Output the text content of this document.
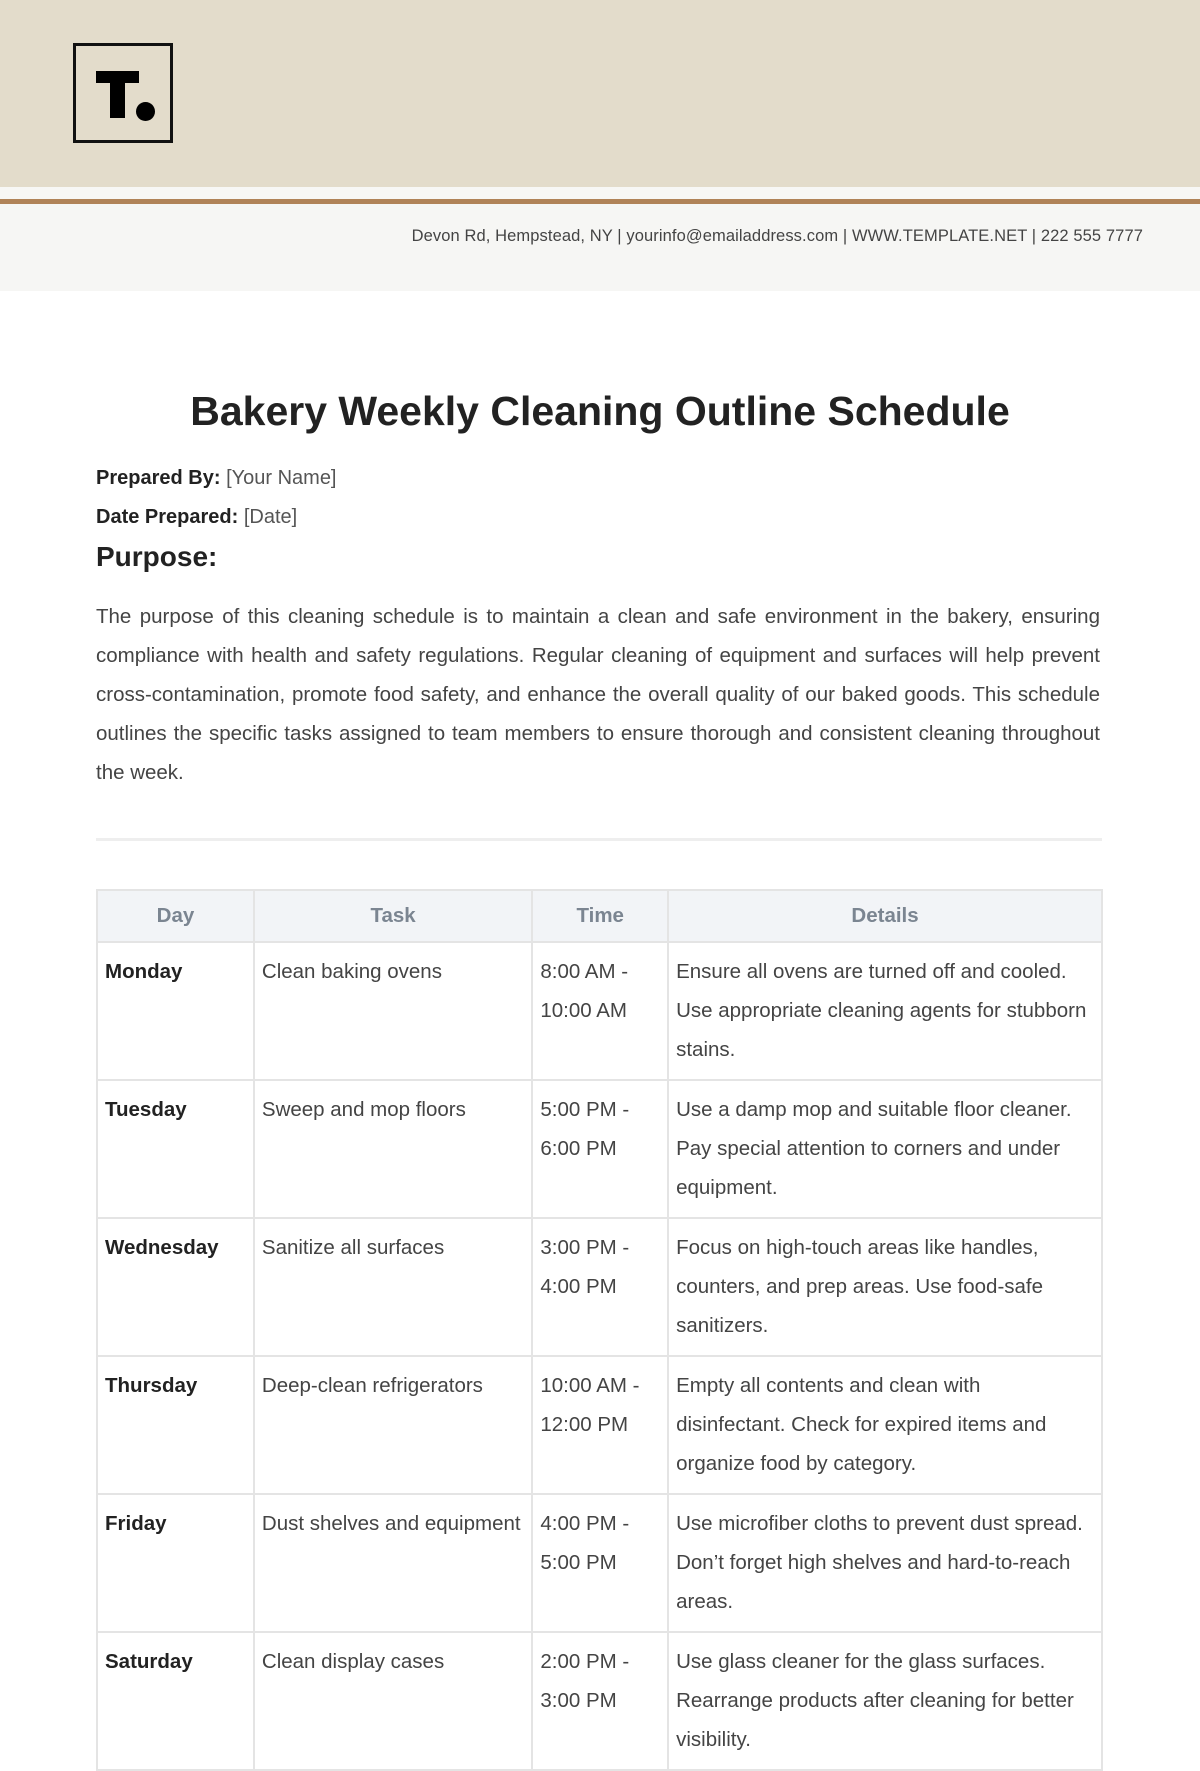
Devon Rd, Hempstead, NY | yourinfo@emailaddress.com | WWW.TEMPLATE.NET | 222 555 7777
Bakery Weekly Cleaning Outline Schedule
Prepared By: [Your Name]
Date Prepared: [Date]
Purpose:

The purpose of this cleaning schedule is to maintain a clean and safe environment in the bakery, ensuring compliance with health and safety regulations. Regular cleaning of equipment and surfaces will help prevent cross-contamination, promote food safety, and enhance the overall quality of our baked goods. This schedule outlines the specific tasks assigned to team members to ensure thorough and consistent cleaning throughout the week.

Day	Task	Time	Details
Monday	Clean baking ovens	8:00 AM - 10:00 AM	Ensure all ovens are turned off and cooled. Use appropriate cleaning agents for stubborn stains.
Tuesday	Sweep and mop floors	5:00 PM - 6:00 PM	Use a damp mop and suitable floor cleaner. Pay special attention to corners and under equipment.
Wednesday	Sanitize all surfaces	3:00 PM - 4:00 PM	Focus on high-touch areas like handles, counters, and prep areas. Use food-safe sanitizers.
Thursday	Deep-clean refrigerators	10:00 AM - 12:00 PM	Empty all contents and clean with disinfectant. Check for expired items and organize food by category.
Friday	Dust shelves and equipment	4:00 PM - 5:00 PM	Use microfiber cloths to prevent dust spread. Don’t forget high shelves and hard-to-reach areas.
Saturday	Clean display cases	2:00 PM - 3:00 PM	Use glass cleaner for the glass surfaces. Rearrange products after cleaning for better visibility.
